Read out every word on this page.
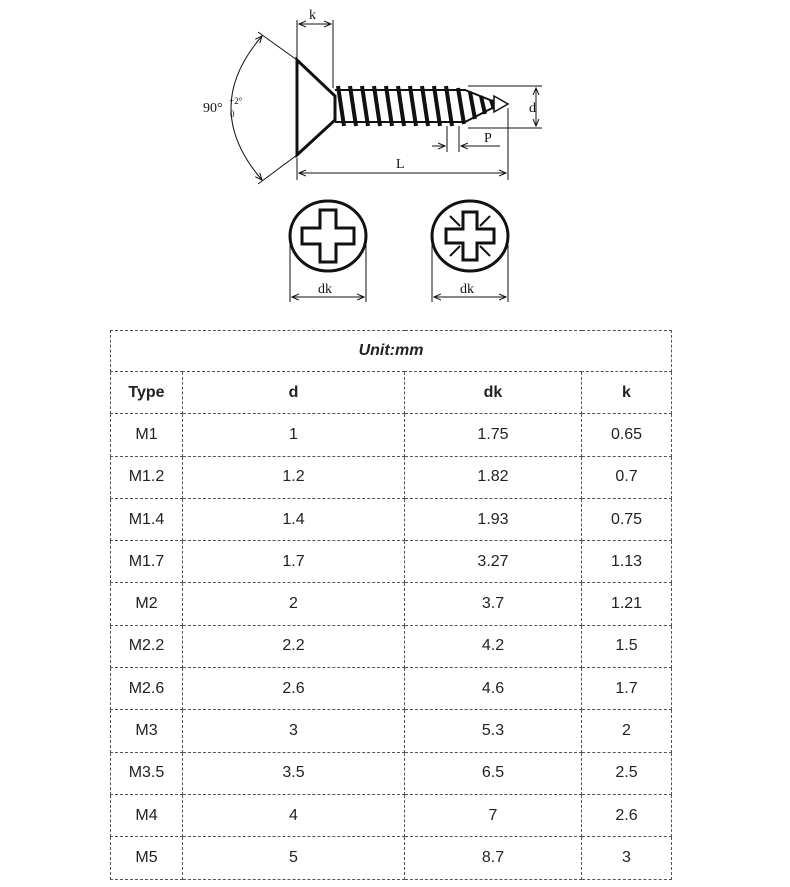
k
90° +2°
0	d
P
L
dk	dk
Unit:mm			
Type	d	dk	k
M1	1	1.75	0.65
M1.2	1.2	1.82	0.7
M1.4	1.4	1.93	0.75
M1.7	1.7	3.27	1.13
M2	2	3.7	1.21
M2.2	2.2	4.2	1.5
M2.6	2.6	4.6	1.7
M3	3	5.3	2
M3.5	3.5	6.5	2.5
M4	4	7	2.6
M5	5	8.7	3
